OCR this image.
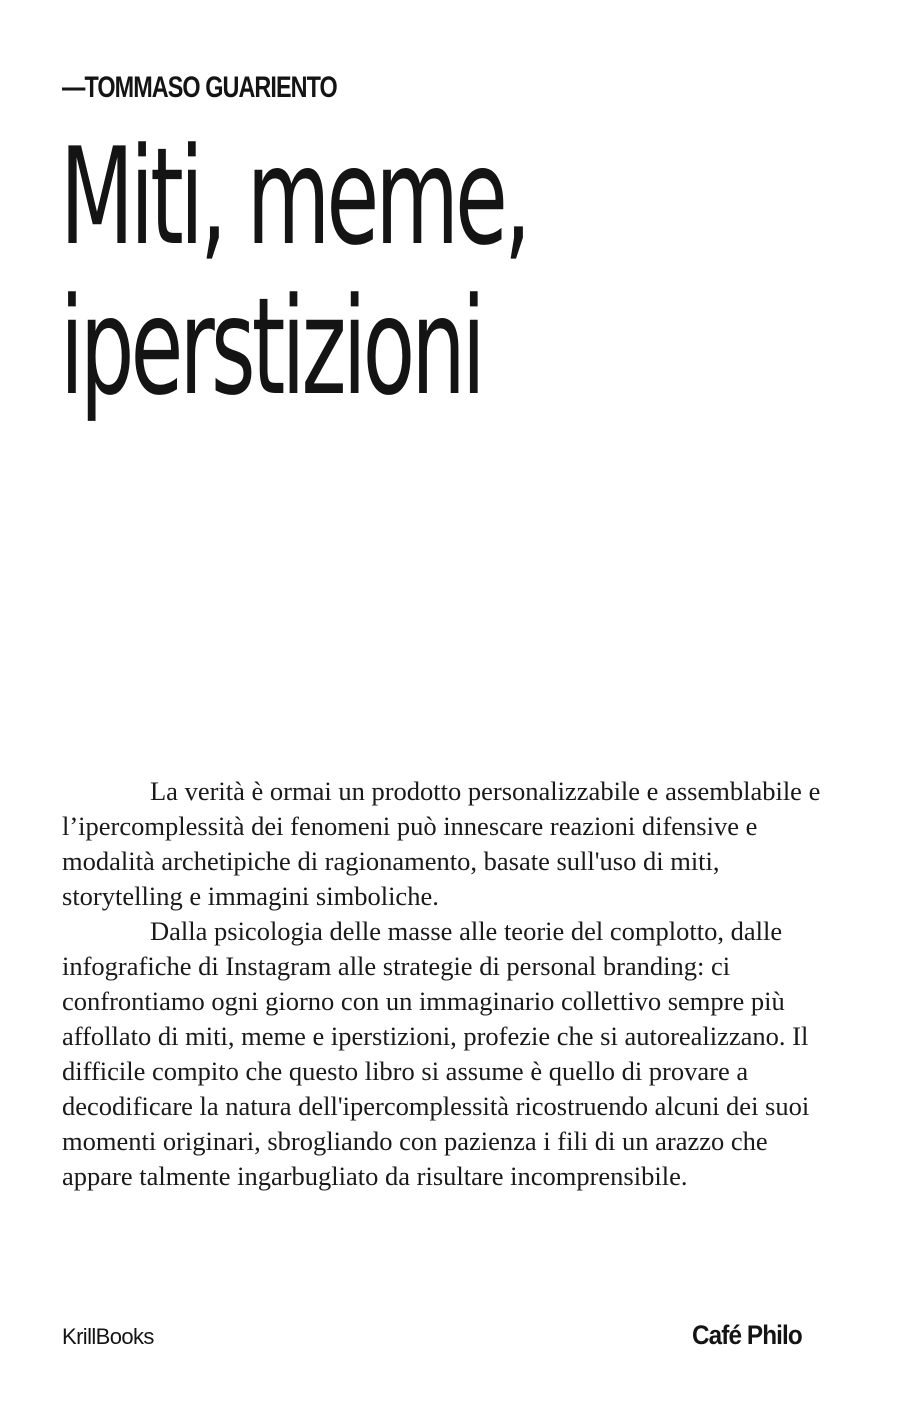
—TOMMASO GUARIENTO
Miti, meme,
iperstizioni

La verità è ormai un prodotto personalizzabile e assemblabile e l’ipercomplessità dei fenomeni può innescare reazioni difensive e modalità archetipiche di ragionamento, basate sull'uso di miti, storytelling e immagini simboliche.

Dalla psicologia delle masse alle teorie del complotto, dalle infografiche di Instagram alle strategie di personal branding: ci confrontiamo ogni giorno con un immaginario collettivo sempre più affollato di miti, meme e iperstizioni, profezie che si autorealizzano. Il difficile compito che questo libro si assume è quello di provare a decodificare la natura dell'ipercomplessità ricostruendo alcuni dei suoi momenti originari, sbrogliando con pazienza i fili di un arazzo che appare talmente ingarbugliato da risultare incomprensibile.

KrillBooks	Café Philo
